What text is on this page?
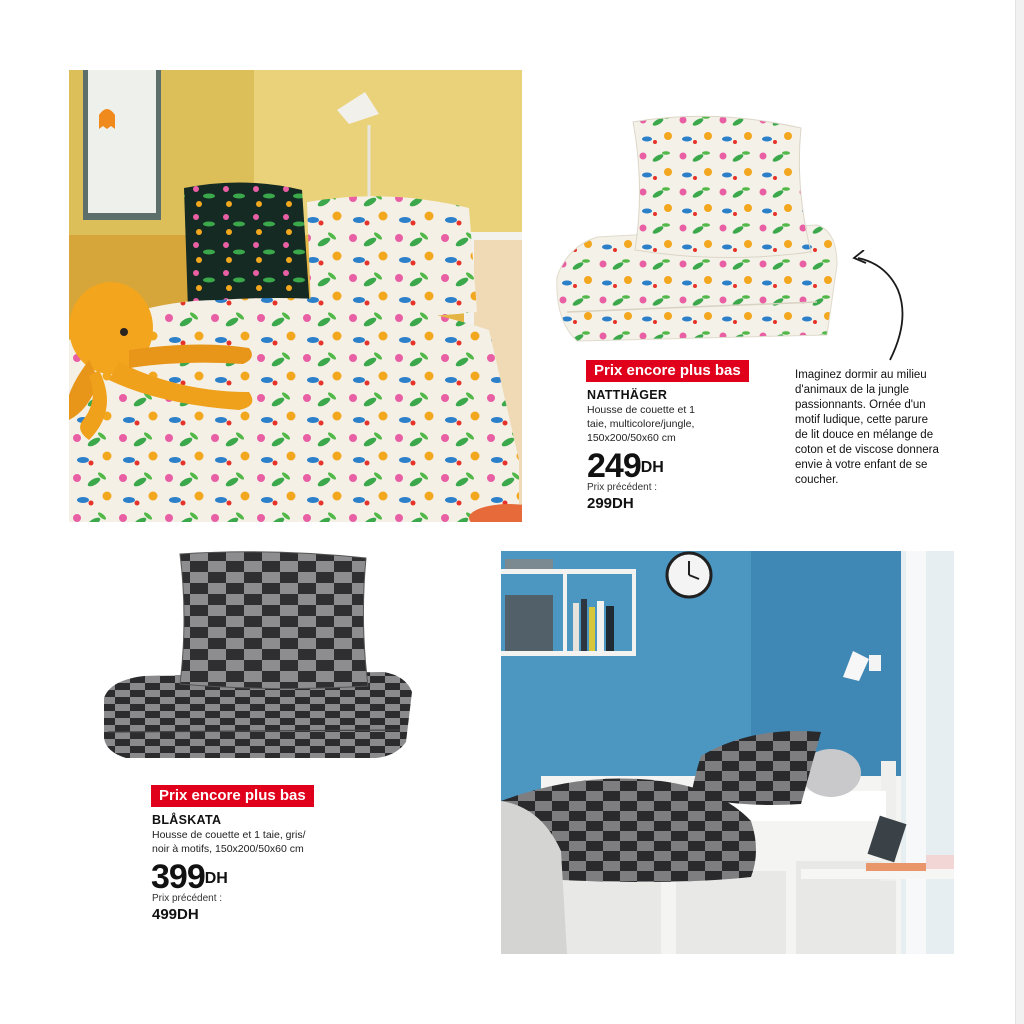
Prix encore plus bas
NATTHÄGER
Housse de couette et 1
taie, multicolore/jungle,
150x200/50x60 cm
$249^{DH}$
Prix précédent :
299DH
Imaginez dormir au milieu
d'animaux de la jungle
passionnants. Ornée d'un
motif ludique, cette parure
de lit douce en mélange de
coton et de viscose donnera
envie à votre enfant de se
coucher.
Prix encore plus bas
BLÅSKATA
Housse de couette et 1 taie, gris/
noir à motifs, 150x200/50x60 cm
$399^{DH}$
Prix précédent :
499DH
